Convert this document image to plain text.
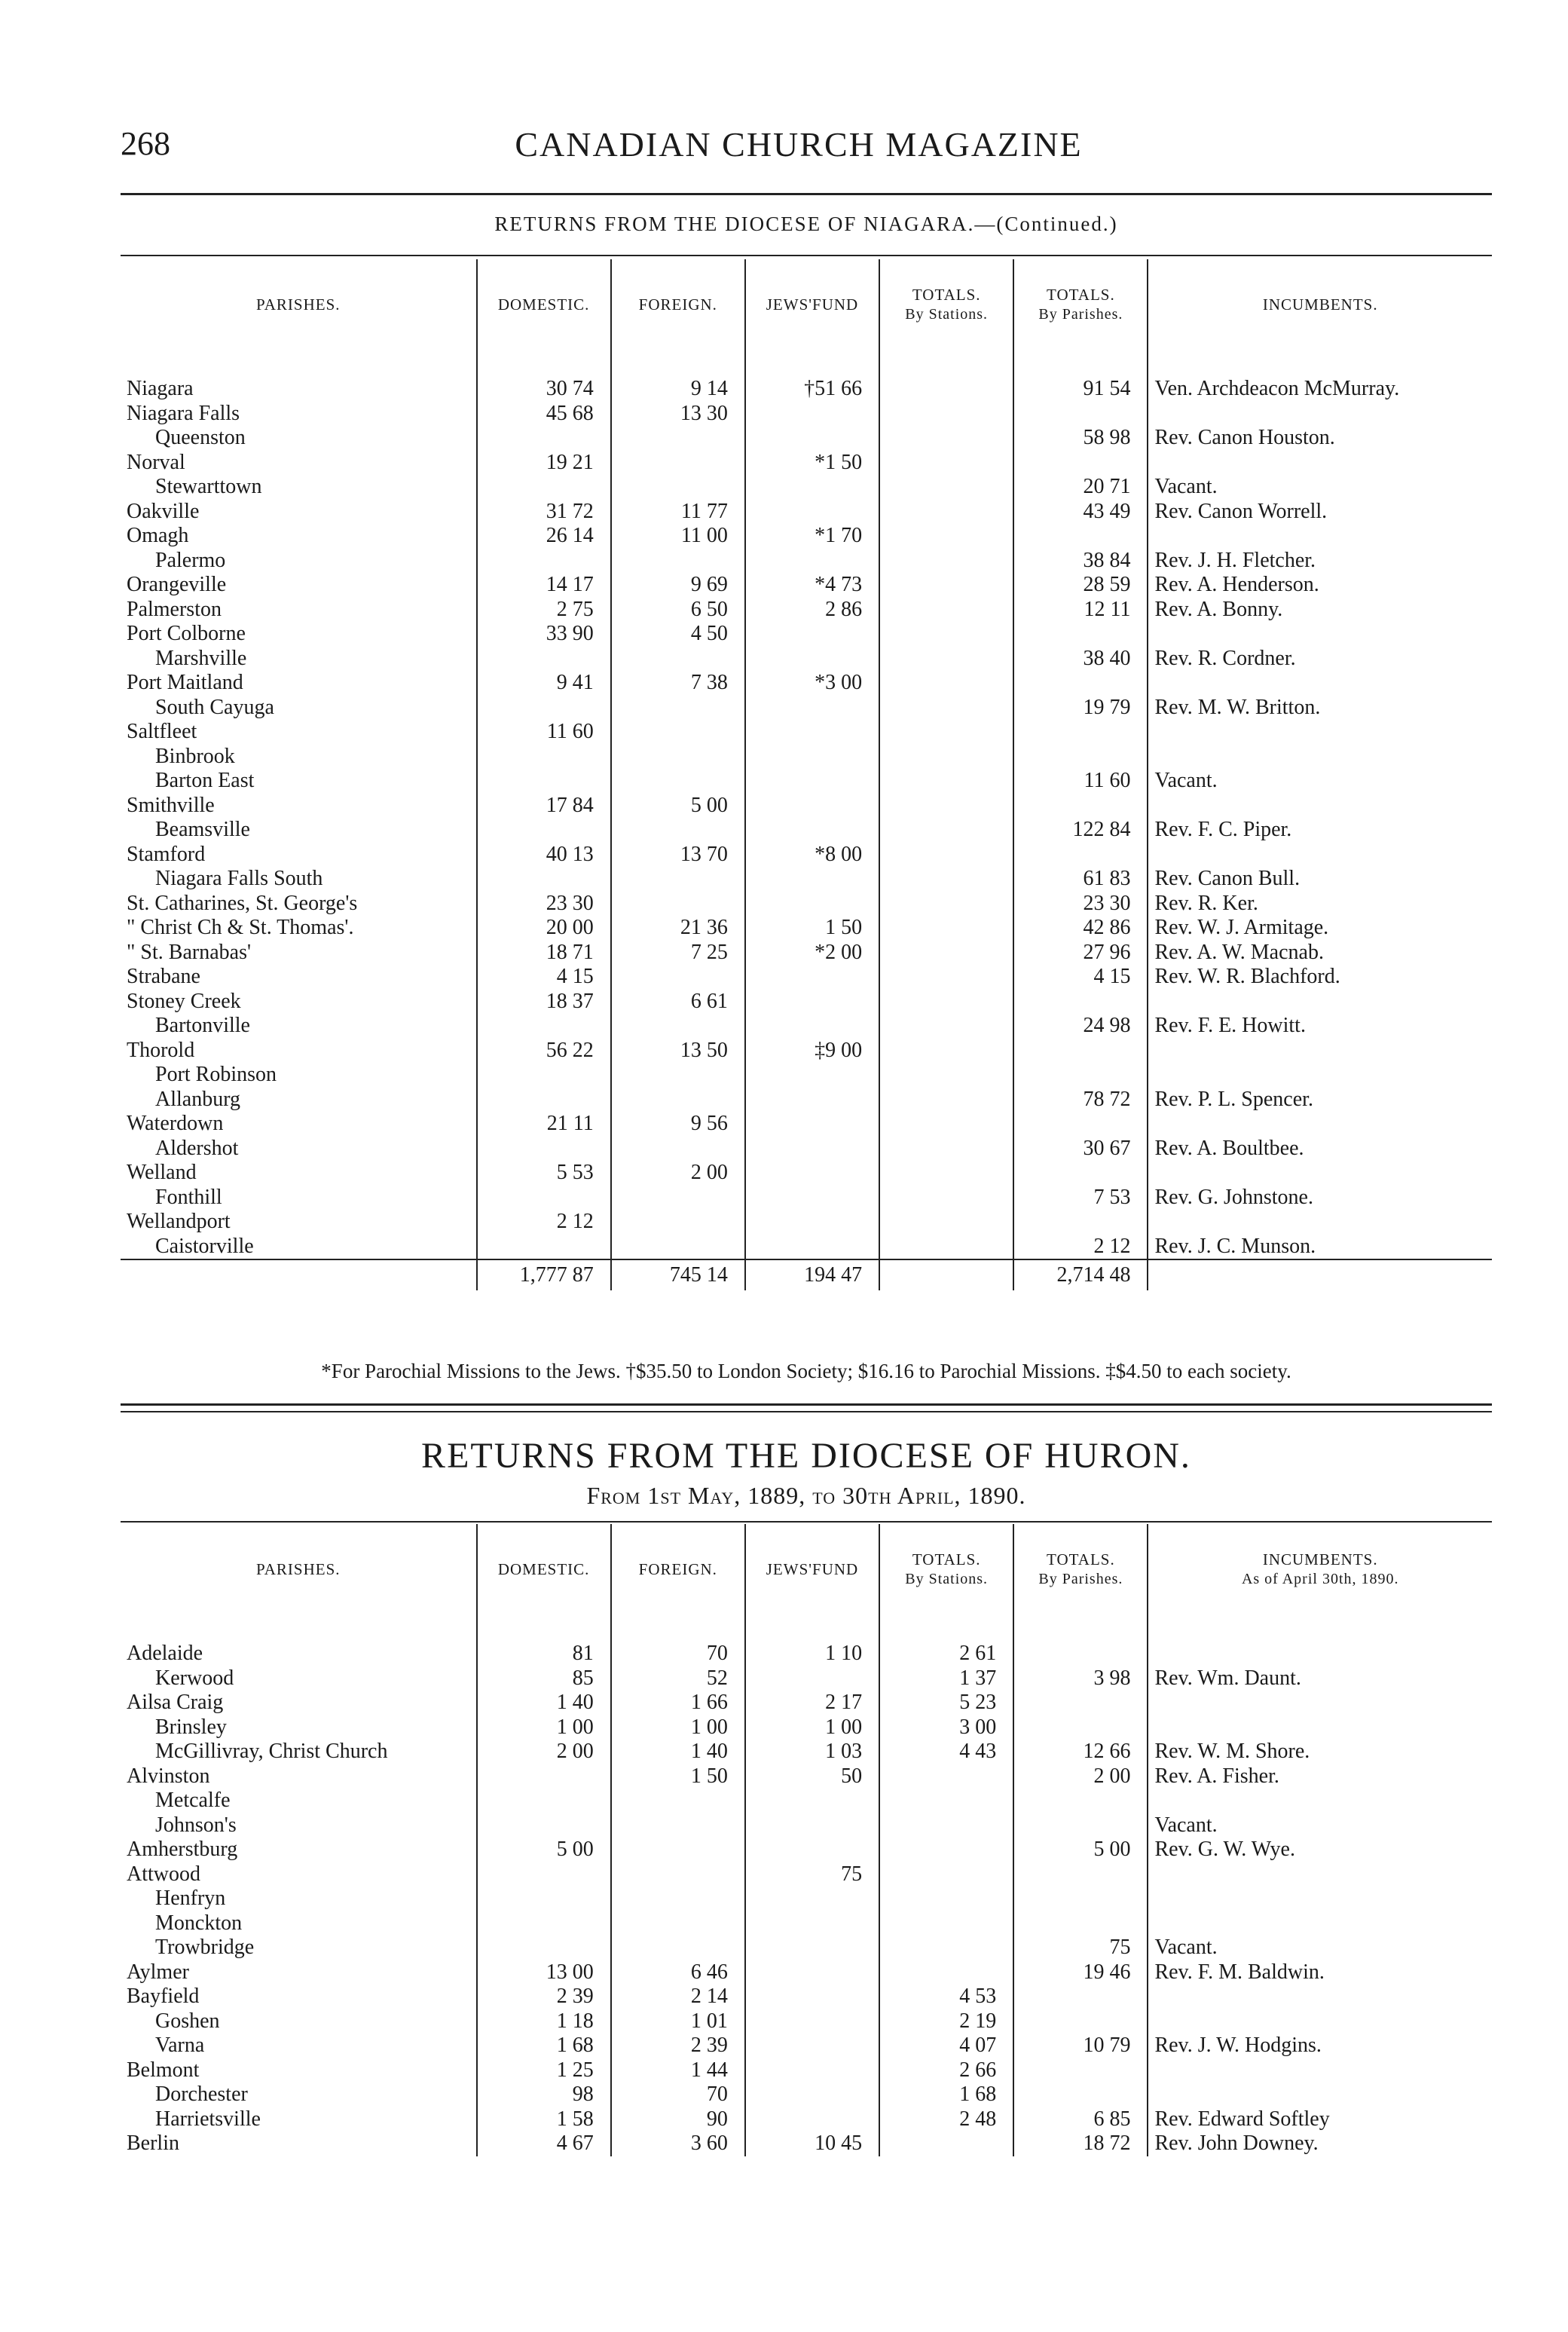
268	CANADIAN CHURCH MAGAZINE
RETURNS FROM THE DIOCESE OF NIAGARA.—(Continued.)
PARISHES.	DOMESTIC.	FOREIGN.	JEWS'FUND	TOTALS.
By Stations.	TOTALS.
By Parishes.	INCUMBENTS.

Niagara	30 74	9 14	†51 66		91 54	Ven. Archdeacon McMurray.
Niagara Falls	45 68	13 30				
Queenston					58 98	Rev. Canon Houston.
Norval	19 21		*1 50			
Stewarttown					20 71	Vacant.
Oakville	31 72	11 77			43 49	Rev. Canon Worrell.
Omagh	26 14	11 00	*1 70			
Palermo					38 84	Rev. J. H. Fletcher.
Orangeville	14 17	9 69	*4 73		28 59	Rev. A. Henderson.
Palmerston	2 75	6 50	2 86		12 11	Rev. A. Bonny.
Port Colborne	33 90	4 50				
Marshville					38 40	Rev. R. Cordner.
Port Maitland	9 41	7 38	*3 00			
South Cayuga					19 79	Rev. M. W. Britton.
Saltfleet	11 60					
Binbrook						
Barton East					11 60	Vacant.
Smithville	17 84	5 00				
Beamsville					122 84	Rev. F. C. Piper.
Stamford	40 13	13 70	*8 00			
Niagara Falls South					61 83	Rev. Canon Bull.
St. Catharines, St. George's	23 30				23 30	Rev. R. Ker.
" Christ Ch & St. Thomas'.	20 00	21 36	1 50		42 86	Rev. W. J. Armitage.
" St. Barnabas'	18 71	7 25	*2 00		27 96	Rev. A. W. Macnab.
Strabane	4 15				4 15	Rev. W. R. Blachford.
Stoney Creek	18 37	6 61				
Bartonville					24 98	Rev. F. E. Howitt.
Thorold	56 22	13 50	‡9 00			
Port Robinson						
Allanburg					78 72	Rev. P. L. Spencer.
Waterdown	21 11	9 56				
Aldershot					30 67	Rev. A. Boultbee.
Welland	5 53	2 00				
Fonthill					7 53	Rev. G. Johnstone.
Wellandport	2 12					
Caistorville					2 12	Rev. J. C. Munson.
	1,777 87	745 14	194 47		2,714 48	
*For Parochial Missions to the Jews. †$35.50 to London Society; $16.16 to Parochial Missions. ‡$4.50 to each society.
RETURNS FROM THE DIOCESE OF HURON.
From 1st May, 1889, to 30th April, 1890.
PARISHES.	DOMESTIC.	FOREIGN.	JEWS'FUND	TOTALS.
By Stations.	TOTALS.
By Parishes.	INCUMBENTS.
As of April 30th, 1890.

Adelaide	81	70	1 10	2 61		
Kerwood	85	52		1 37	3 98	Rev. Wm. Daunt.
Ailsa Craig	1 40	1 66	2 17	5 23		
Brinsley	1 00	1 00	1 00	3 00		
McGillivray, Christ Church	2 00	1 40	1 03	4 43	12 66	Rev. W. M. Shore.
Alvinston		1 50	50		2 00	Rev. A. Fisher.
Metcalfe						
Johnson's						Vacant.
Amherstburg	5 00				5 00	Rev. G. W. Wye.
Attwood			75			
Henfryn						
Monckton						
Trowbridge					75	Vacant.
Aylmer	13 00	6 46			19 46	Rev. F. M. Baldwin.
Bayfield	2 39	2 14		4 53		
Goshen	1 18	1 01		2 19		
Varna	1 68	2 39		4 07	10 79	Rev. J. W. Hodgins.
Belmont	1 25	1 44		2 66		
Dorchester	98	70		1 68		
Harrietsville	1 58	90		2 48	6 85	Rev. Edward Softley
Berlin	4 67	3 60	10 45		18 72	Rev. John Downey.
